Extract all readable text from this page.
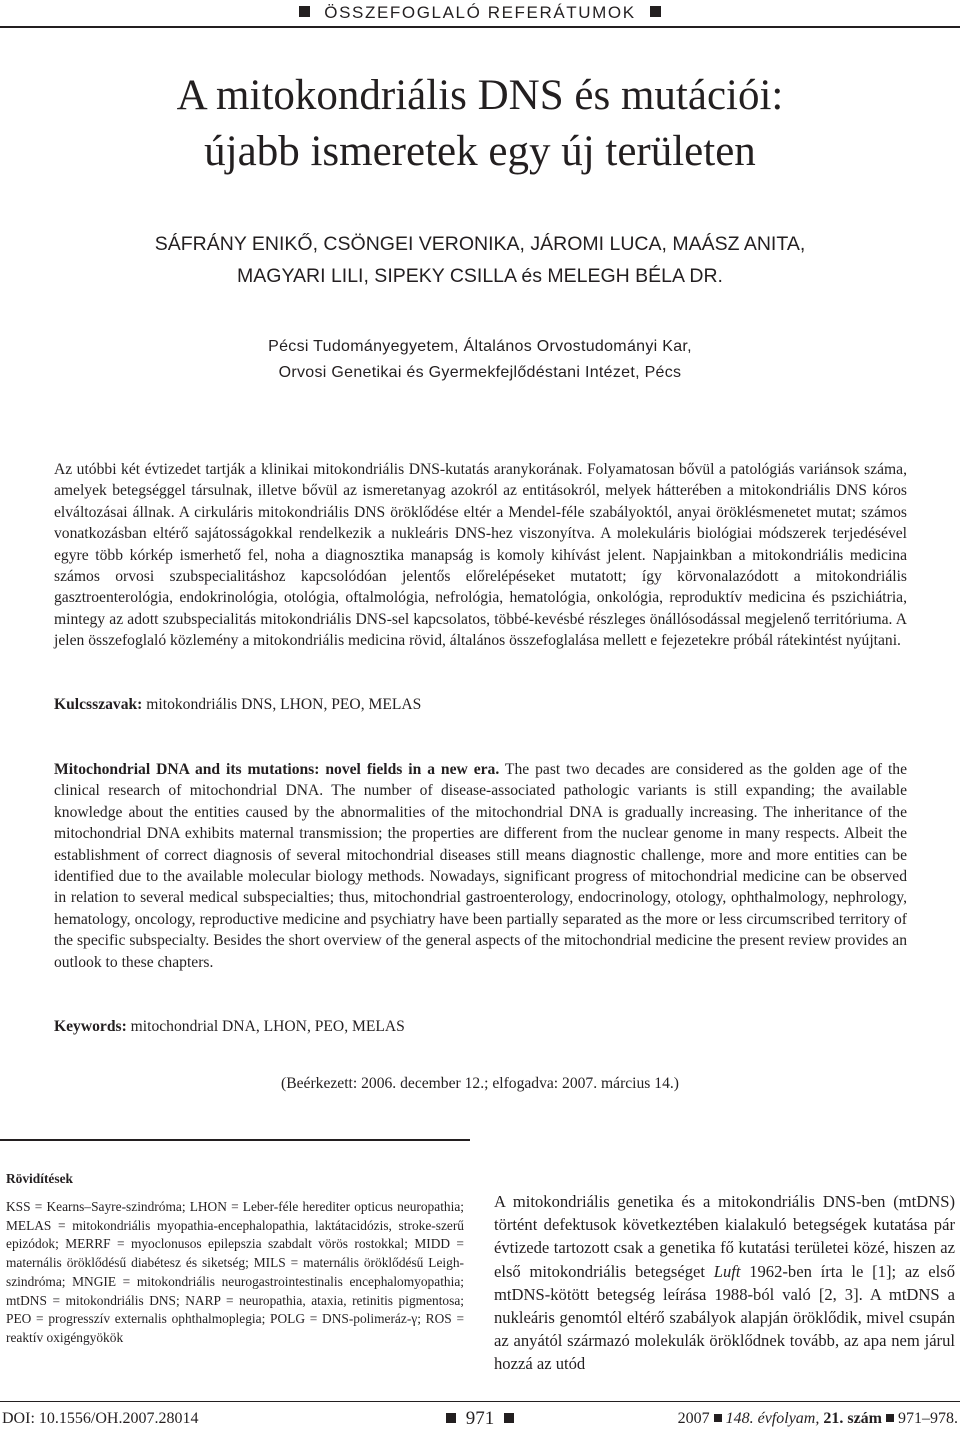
ÖSSZEFOGLALÓ REFERÁTUMOK
A mitokondriális DNS és mutációi:
újabb ismeretek egy új területen
SÁFRÁNY ENIKŐ, CSÖNGEI VERONIKA, JÁROMI LUCA, MAÁSZ ANITA,
MAGYARI LILI, SIPEKY CSILLA és MELEGH BÉLA DR.
Pécsi Tudományegyetem, Általános Orvostudományi Kar,
Orvosi Genetikai és Gyermekfejlődéstani Intézet, Pécs
Az utóbbi két évtizedet tartják a klinikai mitokondriális DNS-kutatás aranykorának. Folyamatosan bővül a patológiás variánsok száma, amelyek betegséggel társulnak, illetve bővül az ismeretanyag azokról az entitásokról, melyek hátterében a mitokondriális DNS kóros elváltozásai állnak. A cirkuláris mitokondriális DNS öröklődése eltér a Mendel-féle szabályoktól, anyai öröklésmenetet mutat; számos vonatkozásban eltérő sajátosságokkal rendelkezik a nukleáris DNS-hez viszonyítva. A molekuláris biológiai módszerek terjedésével egyre több kórkép ismerhető fel, noha a diagnosztika manapság is komoly kihívást jelent. Napjainkban a mitokondriális medicina számos orvosi szubspecialitáshoz kapcsolódóan jelentős előrelépéseket mutatott; így körvonalazódott a mitokondriális gasztroenterológia, endokrinológia, otológia, oftalmológia, nefrológia, hematológia, onkológia, reproduktív medicina és pszichiátria, mintegy az adott szubspecialitás mitokondriális DNS-sel kapcsolatos, többé-kevésbé részleges önállósodással megjelenő territóriuma. A jelen összefoglaló közlemény a mitokondriális medicina rövid, általános összefoglalása mellett e fejezetekre próbál rátekintést nyújtani.
Kulcsszavak: mitokondriális DNS, LHON, PEO, MELAS
Mitochondrial DNA and its mutations: novel fields in a new era. The past two decades are considered as the golden age of the clinical research of mitochondrial DNA. The number of disease-associated pathologic variants is still expanding; the available knowledge about the entities caused by the abnormalities of the mitochondrial DNA is gradually increasing. The inheritance of the mitochondrial DNA exhibits maternal transmission; the properties are different from the nuclear genome in many respects. Albeit the establishment of correct diagnosis of several mitochondrial diseases still means diagnostic challenge, more and more entities can be identified due to the available molecular biology methods. Nowadays, significant progress of mitochondrial medicine can be observed in relation to several medical subspecialties; thus, mitochondrial gastroenterology, endocrinology, otology, ophthalmology, nephrology, hematology, oncology, reproductive medicine and psychiatry have been partially separated as the more or less circumscribed territory of the specific subspecialty. Besides the short overview of the general aspects of the mitochondrial medicine the present review provides an outlook to these chapters.
Keywords: mitochondrial DNA, LHON, PEO, MELAS
(Beérkezett: 2006. december 12.; elfogadva: 2007. március 14.)
Rövidítések
KSS = Kearns–Sayre-szindróma; LHON = Leber-féle herediter opticus neuropathia; MELAS = mitokondriális myopathia-encephalopathia, laktátacidózis, stroke-szerű epizódok; MERRF = myoclonusos epilepszia szabdalt vörös rostokkal; MIDD = maternális öröklődésű diabétesz és siketség; MILS = maternális öröklődésű Leigh-szindróma; MNGIE = mitokondriális neurogastrointestinalis encephalomyopathia; mtDNS = mitokondriális DNS; NARP = neuropathia, ataxia, retinitis pigmentosa; PEO = progresszív externalis ophthalmoplegia; POLG = DNS-polimeráz-γ; ROS = reaktív oxigéngyökök
A mitokondriális genetika és a mitokondriális DNS-ben (mtDNS) történt defektusok következtében kialakuló betegségek kutatása pár évtizede tartozott csak a genetika fő kutatási területei közé, hiszen az első mitokondriális betegséget Luft 1962-ben írta le [1]; az első mtDNS-kötött betegség leírása 1988-ból való [2, 3]. A mtDNS a nukleáris genomtól eltérő szabályok alapján öröklődik, mivel csupán az anyától származó molekulák öröklődnek tovább, az apa nem járul hozzá az utód
DOI: 10.1556/OH.2007.28014	971	2007 148. évfolyam, 21. szám 971–978.
